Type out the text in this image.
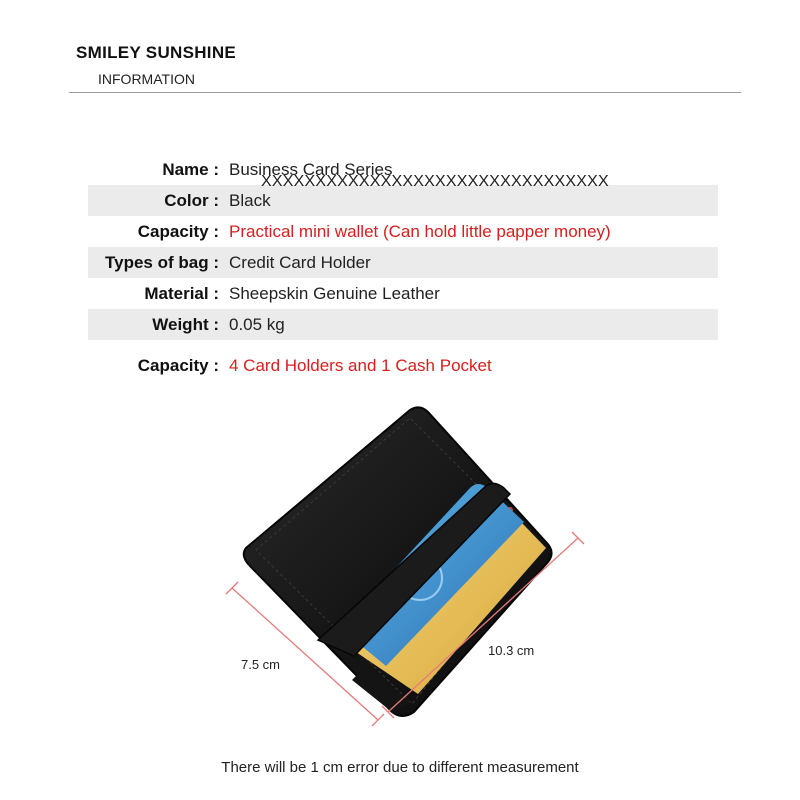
SMILEY SUNSHINE
INFORMATION
Name : Business Card Series
Color : Black
Capacity : Practical mini wallet (Can hold little papper money)
Types of bag : Credit Card Holder
Material : Sheepskin Genuine Leather
Weight : 0.05 kg
Capacity : 4 Card Holders and 1 Cash Pocket
XXXXXXXXXXXXXXXXXXXXXXXXXXXXXXXX
7.5 cm
10.3 cm
There will be 1 cm error due to different measurement
